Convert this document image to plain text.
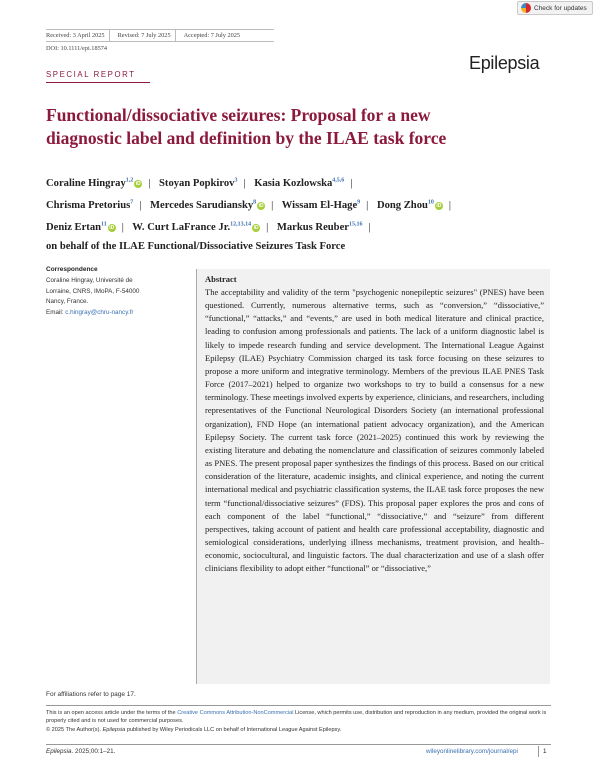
Check for updates
Received: 3 April 2025	Revised: 7 July 2025	Accepted: 7 July 2025
DOI: 10.1111/epi.18574
Epilepsia
SPECIAL REPORT
Functional/dissociative seizures: Proposal for a new
diagnostic label and definition by the ILAE task force
Coraline Hingray$^{1,2}$iD | Stoyan Popkirov$^3$ | Kasia Kozlowska$^{4,5,6}$ |
Chrisma Pretorius$^7$ | Mercedes Sarudiansky$^8$iD | Wissam El-Hage$^9$ | Dong Zhou$^{10}$iD |
Deniz Ertan$^{11}$iD | W. Curt LaFrance Jr.$^{12,13,14}$iD | Markus Reuber$^{15,16}$ |
on behalf of the ILAE Functional/Dissociative Seizures Task Force
Correspondence
Coraline Hingray, Université de
Lorraine, CNRS, IMoPA, F-54000
Nancy, France.
Email: c.hingray@chru-nancy.fr
Abstract
The acceptability and validity of the term "psychogenic nonepileptic seizures" (PNES) have been questioned. Currently, numerous alternative terms, such as “conversion,” “dissociative,” “functional,” “attacks,” and “events,” are used in both medical literature and clinical practice, leading to confusion among professionals and patients. The lack of a uniform diagnostic label is likely to impede research funding and service development. The International League Against Epilepsy (ILAE) Psychiatry Commission charged its task force focusing on these seizures to propose a more uniform and integrative terminology. Members of the previous ILAE PNES Task Force (2017–2021) helped to organize two workshops to try to build a consensus for a new terminology. These meetings involved experts by experience, clinicians, and researchers, including representatives of the Functional Neurological Disorders Society (an international professional organization), FND Hope (an international patient advocacy organization), and the American Epilepsy Society. The current task force (2021–2025) continued this work by reviewing the existing literature and debating the nomenclature and classification of seizures commonly labeled as PNES. The present proposal paper synthesizes the findings of this process. Based on our critical consideration of the literature, academic insights, and clinical experience, and noting the current international medical and psychiatric classification systems, the ILAE task force proposes the new term “functional/dissociative seizures” (FDS). This proposal paper explores the pros and cons of each component of the label “functional,” “dissociative,” and “seizure” from different perspectives, taking account of patient and health care professional acceptability, diagnostic and semiological considerations, underlying illness mechanisms, treatment provision, and health–economic, sociocultural, and linguistic factors. The dual characterization and use of a slash offer clinicians flexibility to adopt either “functional” or “dissociative,”
For affiliations refer to page 17.
This is an open access article under the terms of the Creative Commons Attribution-NonCommercial License, which permits use, distribution and reproduction in any medium, provided the original work is properly cited and is not used for commercial purposes.
© 2025 The Author(s). Epilepsia published by Wiley Periodicals LLC on behalf of International League Against Epilepsy.
Epilepsia. 2025;00:1–21.	wileyonlinelibrary.com/journal/epi	1
